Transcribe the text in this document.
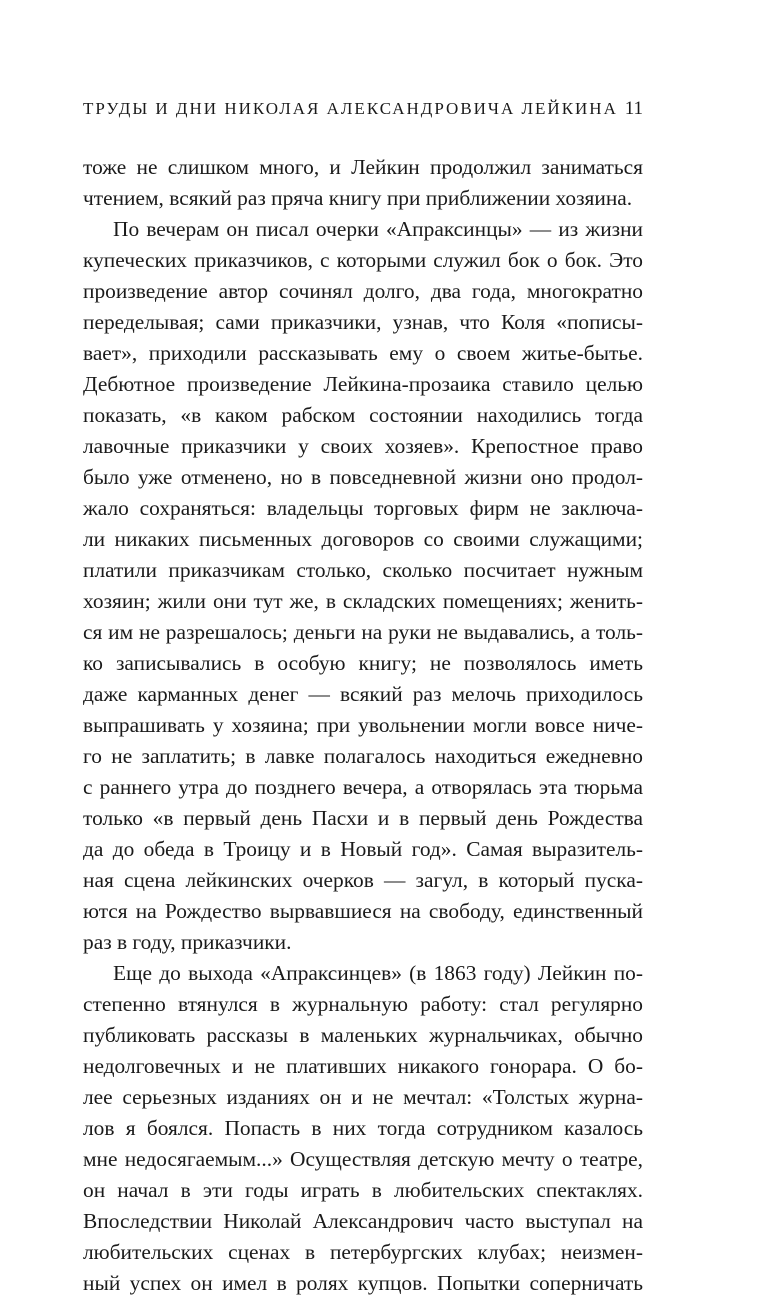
ТРУДЫ И ДНИ НИКОЛАЯ АЛЕКСАНДРОВИЧА ЛЕЙКИНА 11
тоже не слишком много, и Лейкин продолжил заниматься
чтением, всякий раз пряча книгу при приближении хозяина.
По вечерам он писал очерки «Апраксинцы» — из жизни
купеческих приказчиков, с которыми служил бок о бок. Это
произведение автор сочинял долго, два года, многократно
переделывая; сами приказчики, узнав, что Коля «пописы-
вает», приходили рассказывать ему о своем житье-бытье.
Дебютное произведение Лейкина-прозаика ставило целью
показать, «в каком рабском состоянии находились тогда
лавочные приказчики у своих хозяев». Крепостное право
было уже отменено, но в повседневной жизни оно продол-
жало сохраняться: владельцы торговых фирм не заключа-
ли никаких письменных договоров со своими служащими;
платили приказчикам столько, сколько посчитает нужным
хозяин; жили они тут же, в складских помещениях; женить-
ся им не разрешалось; деньги на руки не выдавались, а толь-
ко записывались в особую книгу; не позволялось иметь
даже карманных денег — всякий раз мелочь приходилось
выпрашивать у хозяина; при увольнении могли вовсе ниче-
го не заплатить; в лавке полагалось находиться ежедневно
с раннего утра до позднего вечера, а отворялась эта тюрьма
только «в первый день Пасхи и в первый день Рождества
да до обеда в Троицу и в Новый год». Самая выразитель-
ная сцена лейкинских очерков — загул, в который пуска-
ются на Рождество вырвавшиеся на свободу, единственный
раз в году, приказчики.
Еще до выхода «Апраксинцев» (в 1863 году) Лейкин по-
степенно втянулся в журнальную работу: стал регулярно
публиковать рассказы в маленьких журнальчиках, обычно
недолговечных и не плативших никакого гонорара. О бо-
лее серьезных изданиях он и не мечтал: «Толстых журна-
лов я боялся. Попасть в них тогда сотрудником казалось
мне недосягаемым...» Осуществляя детскую мечту о театре,
он начал в эти годы играть в любительских спектаклях.
Впоследствии Николай Александрович часто выступал на
любительских сценах в петербургских клубах; неизмен-
ный успех он имел в ролях купцов. Попытки соперничать
